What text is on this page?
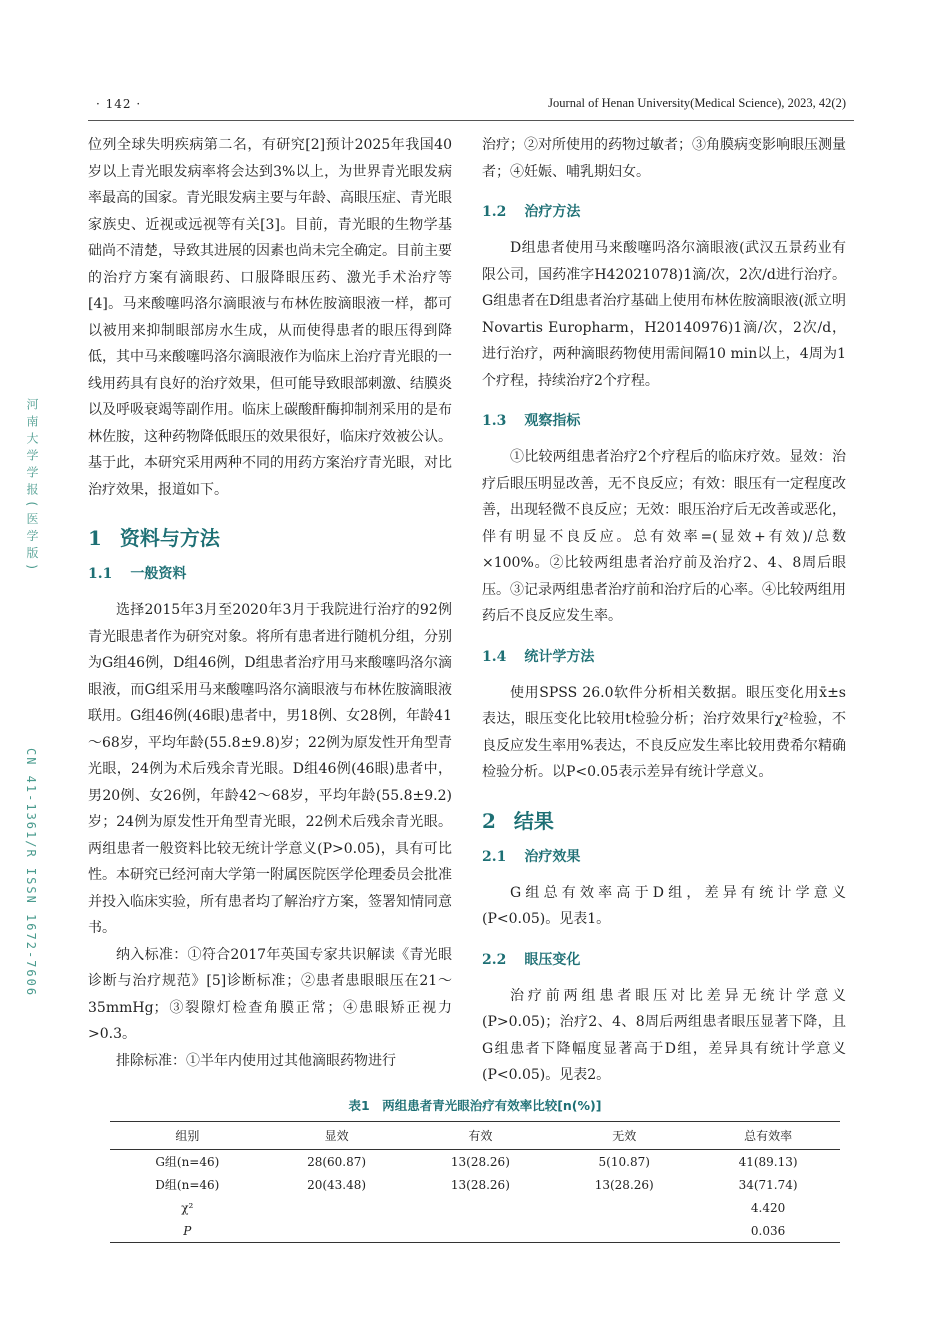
· 142 ·	Journal of Henan University(Medical Science), 2023, 42(2)
河南大学学报(医学版)
CN 41-1361/R ISSN 1672-7606

位列全球失明疾病第二名，有研究[2]预计2025年我国40岁以上青光眼发病率将会达到3%以上，为世界青光眼发病率最高的国家。青光眼发病主要与年龄、高眼压症、青光眼家族史、近视或远视等有关[3]。目前，青光眼的生物学基础尚不清楚，导致其进展的因素也尚未完全确定。目前主要的治疗方案有滴眼药、口服降眼压药、激光手术治疗等[4]。马来酸噻吗洛尔滴眼液与布林佐胺滴眼液一样，都可以被用来抑制眼部房水生成，从而使得患者的眼压得到降低，其中马来酸噻吗洛尔滴眼液作为临床上治疗青光眼的一线用药具有良好的治疗效果，但可能导致眼部刺激、结膜炎以及呼吸衰竭等副作用。临床上碳酸酐酶抑制剂采用的是布林佐胺，这种药物降低眼压的效果很好，临床疗效被公认。基于此，本研究采用两种不同的用药方案治疗青光眼，对比治疗效果，报道如下。

1 资料与方法
1.1 一般资料

选择2015年3月至2020年3月于我院进行治疗的92例青光眼患者作为研究对象。将所有患者进行随机分组，分别为G组46例，D组46例，D组患者治疗用马来酸噻吗洛尔滴眼液，而G组采用马来酸噻吗洛尔滴眼液与布林佐胺滴眼液联用。G组46例(46眼)患者中，男18例、女28例，年龄41～68岁，平均年龄(55.8±9.8)岁；22例为原发性开角型青光眼，24例为术后残余青光眼。D组46例(46眼)患者中，男20例、女26例，年龄42～68岁，平均年龄(55.8±9.2)岁；24例为原发性开角型青光眼，22例术后残余青光眼。两组患者一般资料比较无统计学意义(P>0.05)，具有可比性。本研究已经河南大学第一附属医院医学伦理委员会批准并投入临床实验，所有患者均了解治疗方案，签署知情同意书。

纳入标准：①符合2017年英国专家共识解读《青光眼诊断与治疗规范》[5]诊断标准；②患者患眼眼压在21～35mmHg；③裂隙灯检查角膜正常；④患眼矫正视力>0.3。

排除标准：①半年内使用过其他滴眼药物进行

治疗；②对所使用的药物过敏者；③角膜病变影响眼压测量者；④妊娠、哺乳期妇女。

1.2 治疗方法

D组患者使用马来酸噻吗洛尔滴眼液(武汉五景药业有限公司，国药准字H42021078)1滴/次，2次/d进行治疗。G组患者在D组患者治疗基础上使用布林佐胺滴眼液(派立明Novartis Europharm，H20140976)1滴/次，2次/d，进行治疗，两种滴眼药物使用需间隔10 min以上，4周为1个疗程，持续治疗2个疗程。

1.3 观察指标

①比较两组患者治疗2个疗程后的临床疗效。显效：治疗后眼压明显改善，无不良反应；有效：眼压有一定程度改善，出现轻微不良反应；无效：眼压治疗后无改善或恶化，伴有明显不良反应。总有效率=(显效+有效)/总数×100%。②比较两组患者治疗前及治疗2、4、8周后眼压。③记录两组患者治疗前和治疗后的心率。④比较两组用药后不良反应发生率。

1.4 统计学方法

使用SPSS 26.0软件分析相关数据。眼压变化用x̄±s表达，眼压变化比较用t检验分析；治疗效果行χ²检验，不良反应发生率用%表达，不良反应发生率比较用费希尔精确检验分析。以P<0.05表示差异有统计学意义。

2 结果
2.1 治疗效果

G组总有效率高于D组，差异有统计学意义(P<0.05)。见表1。

2.2 眼压变化

治疗前两组患者眼压对比差异无统计学意义(P>0.05)；治疗2、4、8周后两组患者眼压显著下降，且G组患者下降幅度显著高于D组，差异具有统计学意义(P<0.05)。见表2。

表1　两组患者青光眼治疗有效率比较[n(%)]
组别	显效	有效	无效	总有效率
G组(n=46)	28(60.87)	13(28.26)	5(10.87)	41(89.13)
D组(n=46)	20(43.48)	13(28.26)	13(28.26)	34(71.74)
χ²				4.420
P				0.036
